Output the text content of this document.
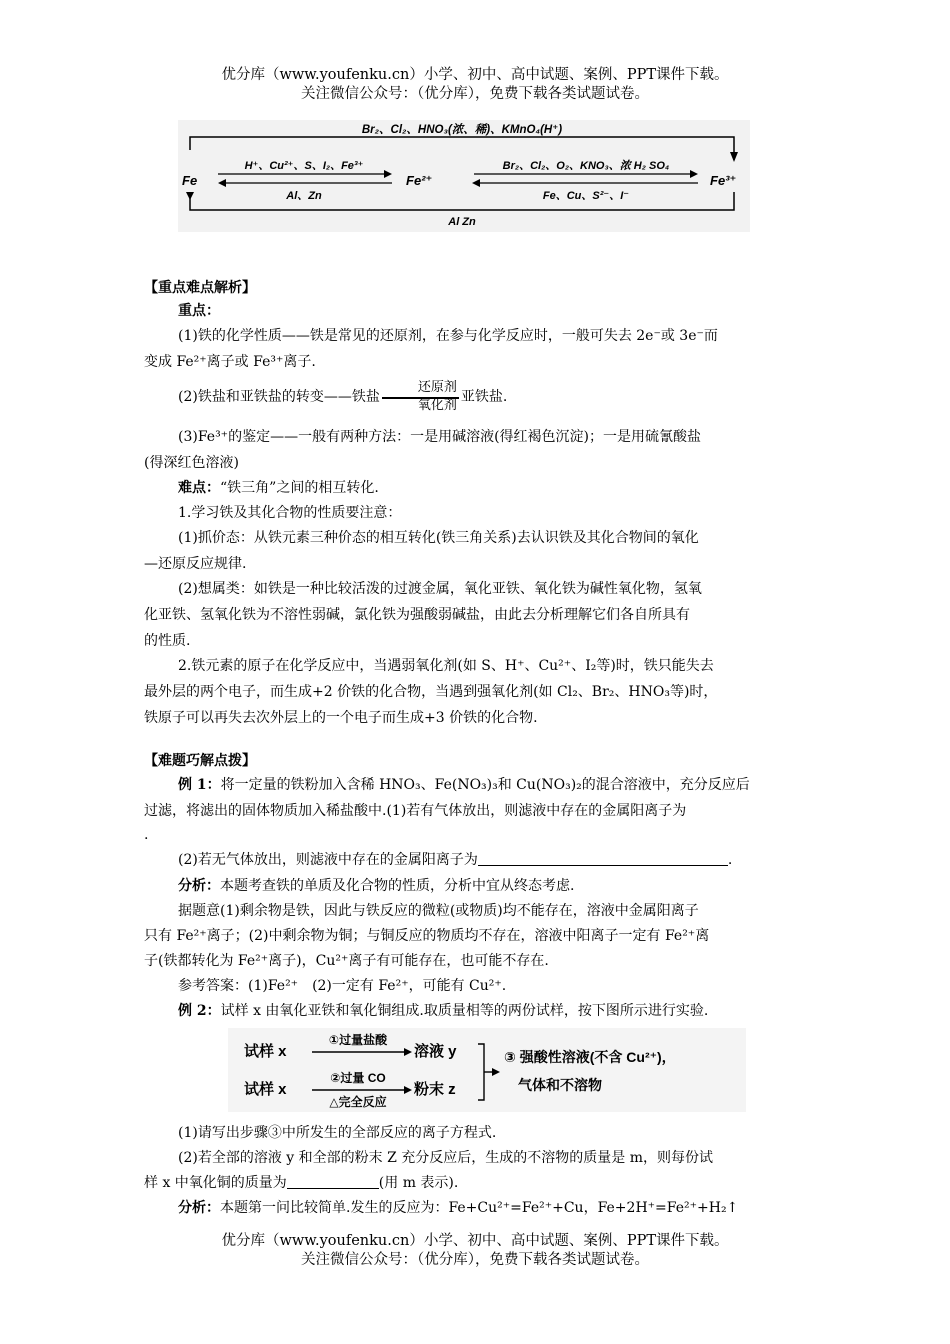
优分库（www.youfenku.cn）小学、初中、高中试题、案例、PPT课件下载。
关注微信公众号：（优分库），免费下载各类试题试卷。
Br₂、Cl₂、HNO₃(浓、稀)、KMnO₄(H⁺)
H⁺、Cu²⁺、S、I₂、Fe³⁺
Al、Zn
Br₂、Cl₂、O₂、KNO₃、浓 H₂ SO₄
Fe、Cu、S²⁻、I⁻
Fe	Fe²⁺	Fe³⁺
Al Zn
【重点难点解析】
重点：
(1)铁的化学性质——铁是常见的还原剂，在参与化学反应时，一般可失去 2e⁻或 3e⁻而
变成 Fe²⁺离子或 Fe³⁺离子.
(2)铁盐和亚铁盐的转变——铁盐 $\frac{\text{还原剂}}{\text{氧化剂}}$ 亚铁盐.
(3)Fe³⁺的鉴定——一般有两种方法：一是用碱溶液(得红褐色沉淀)；一是用硫氰酸盐
(得深红色溶液)
难点：“铁三角”之间的相互转化.
1.学习铁及其化合物的性质要注意：
(1)抓价态：从铁元素三种价态的相互转化(铁三角关系)去认识铁及其化合物间的氧化
—还原反应规律.
(2)想属类：如铁是一种比较活泼的过渡金属，氧化亚铁、氧化铁为碱性氧化物，氢氧
化亚铁、氢氧化铁为不溶性弱碱，氯化铁为强酸弱碱盐，由此去分析理解它们各自所具有
的性质.
2.铁元素的原子在化学反应中，当遇弱氧化剂(如 S、H⁺、Cu²⁺、I₂等)时，铁只能失去
最外层的两个电子，而生成+2 价铁的化合物，当遇到强氧化剂(如 Cl₂、Br₂、HNO₃等)时，
铁原子可以再失去次外层上的一个电子而生成+3 价铁的化合物.
【难题巧解点拨】
例 1：将一定量的铁粉加入含稀 HNO₃、Fe(NO₃)₃和 Cu(NO₃)₂的混合溶液中，充分反应后
过滤，将滤出的固体物质加入稀盐酸中.(1)若有气体放出，则滤液中存在的金属阳离子为
.
(2)若无气体放出，则滤液中存在的金属阳离子为	.
分析：本题考查铁的单质及化合物的性质，分析中宜从终态考虑.
据题意(1)剩余物是铁，因此与铁反应的微粒(或物质)均不能存在，溶液中金属阳离子
只有 Fe²⁺离子；(2)中剩余物为铜；与铜反应的物质均不存在，溶液中阳离子一定有 Fe²⁺离
子(铁都转化为 Fe²⁺离子)，Cu²⁺离子有可能存在，也可能不存在.
参考答案：(1)Fe²⁺　(2)一定有 Fe²⁺，可能有 Cu²⁺.
例 2：试样 x 由氧化亚铁和氧化铜组成.取质量相等的两份试样，按下图所示进行实验.
试样 x
①过量盐酸
溶液 y
试样 x
②过量 CO
△完全反应
粉末 z
③ 强酸性溶液(不含 Cu²⁺)，
气体和不溶物
(1)请写出步骤③中所发生的全部反应的离子方程式.
(2)若全部的溶液 y 和全部的粉末 Z 充分反应后，生成的不溶物的质量是 m，则每份试
样 x 中氧化铜的质量为	(用 m 表示).
分析：本题第一问比较简单.发生的反应为：Fe+Cu²⁺=Fe²⁺+Cu，Fe+2H⁺=Fe²⁺+H₂↑
优分库（www.youfenku.cn）小学、初中、高中试题、案例、PPT课件下载。
关注微信公众号：（优分库），免费下载各类试题试卷。
